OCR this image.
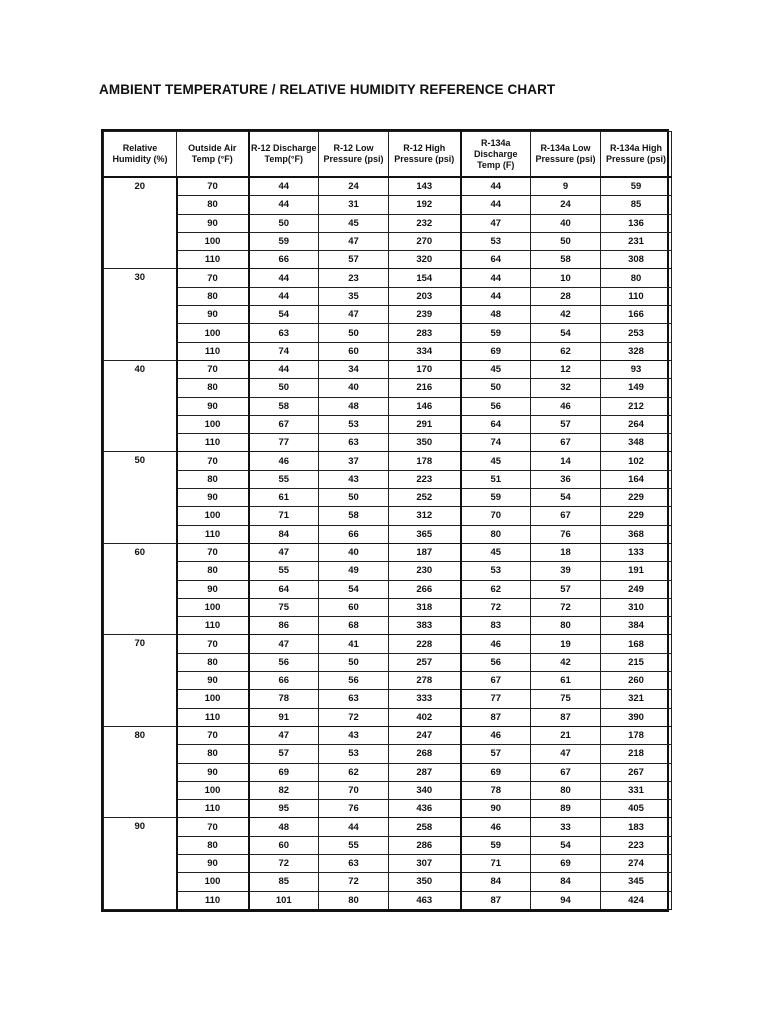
AMBIENT TEMPERATURE / RELATIVE HUMIDITY REFERENCE CHART
Relative Humidity (%)	Outside Air Temp (°F)	R-12 Discharge Temp(°F)	R-12 Low Pressure (psi)	R-12 High Pressure (psi)	R-134a Discharge Temp (F)	R-134a Low Pressure (psi)	R-134a High Pressure (psi)
20	70	44	24	143	44	9	59
	80	44	31	192	44	24	85
	90	50	45	232	47	40	136
	100	59	47	270	53	50	231
	110	66	57	320	64	58	308
30	70	44	23	154	44	10	80
	80	44	35	203	44	28	110
	90	54	47	239	48	42	166
	100	63	50	283	59	54	253
	110	74	60	334	69	62	328
40	70	44	34	170	45	12	93
	80	50	40	216	50	32	149
	90	58	48	146	56	46	212
	100	67	53	291	64	57	264
	110	77	63	350	74	67	348
50	70	46	37	178	45	14	102
	80	55	43	223	51	36	164
	90	61	50	252	59	54	229
	100	71	58	312	70	67	229
	110	84	66	365	80	76	368
60	70	47	40	187	45	18	133
	80	55	49	230	53	39	191
	90	64	54	266	62	57	249
	100	75	60	318	72	72	310
	110	86	68	383	83	80	384
70	70	47	41	228	46	19	168
	80	56	50	257	56	42	215
	90	66	56	278	67	61	260
	100	78	63	333	77	75	321
	110	91	72	402	87	87	390
80	70	47	43	247	46	21	178
	80	57	53	268	57	47	218
	90	69	62	287	69	67	267
	100	82	70	340	78	80	331
	110	95	76	436	90	89	405
90	70	48	44	258	46	33	183
	80	60	55	286	59	54	223
	90	72	63	307	71	69	274
	100	85	72	350	84	84	345
	110	101	80	463	87	94	424
